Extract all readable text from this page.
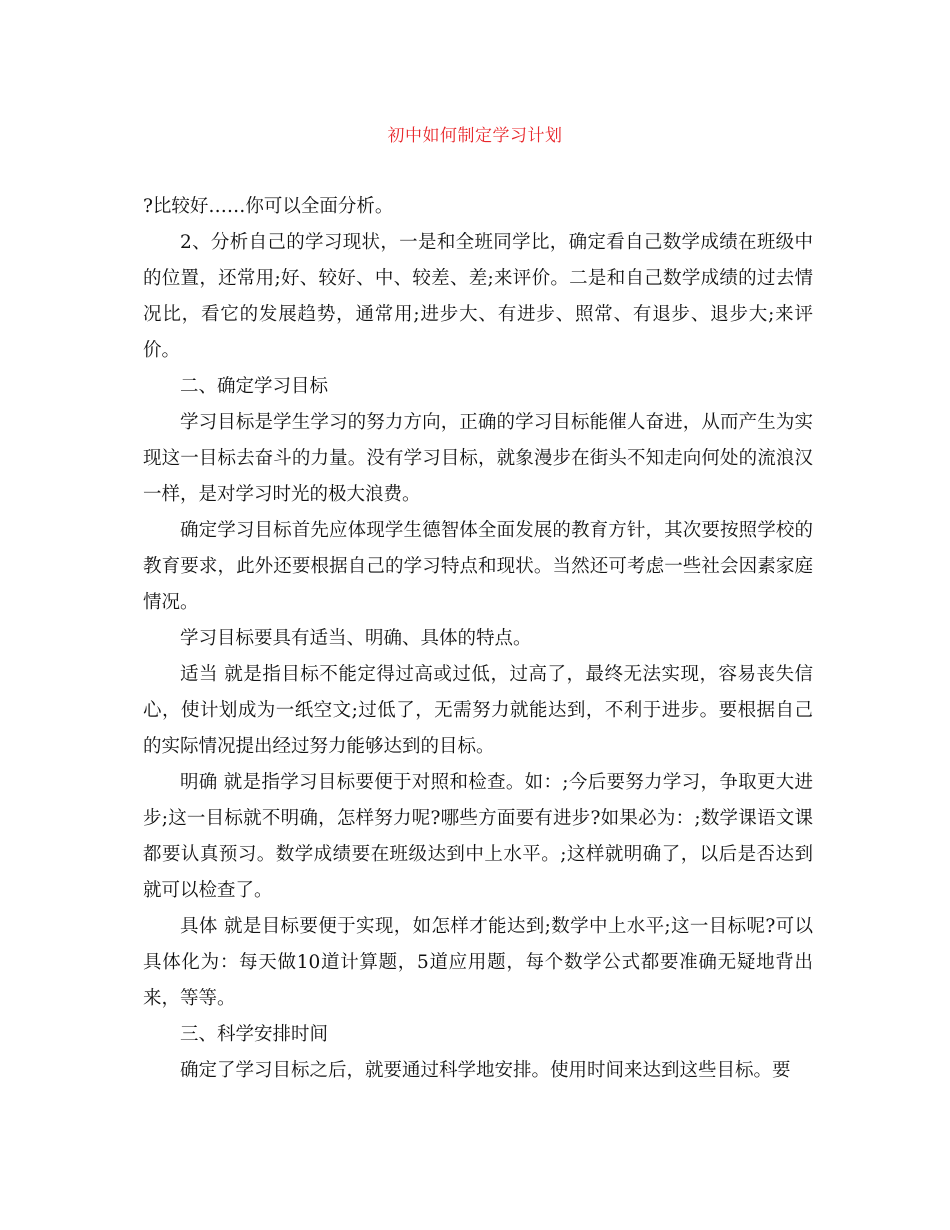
初中如何制定学习计划

?比较好……你可以全面分析。

2、分析自己的学习现状，一是和全班同学比，确定看自己数学成绩在班级中的位置，还常用;好、较好、中、较差、差;来评价。二是和自己数学成绩的过去情况比，看它的发展趋势，通常用;进步大、有进步、照常、有退步、退步大;来评价。

二、确定学习目标

学习目标是学生学习的努力方向，正确的学习目标能催人奋进，从而产生为实现这一目标去奋斗的力量。没有学习目标，就象漫步在街头不知走向何处的流浪汉一样，是对学习时光的极大浪费。

确定学习目标首先应体现学生德智体全面发展的教育方针，其次要按照学校的教育要求，此外还要根据自己的学习特点和现状。当然还可考虑一些社会因素家庭情况。

学习目标要具有适当、明确、具体的特点。

适当 就是指目标不能定得过高或过低，过高了，最终无法实现，容易丧失信心，使计划成为一纸空文;过低了，无需努力就能达到，不利于进步。要根据自己的实际情况提出经过努力能够达到的目标。

明确 就是指学习目标要便于对照和检查。如：;今后要努力学习，争取更大进步;这一目标就不明确，怎样努力呢?哪些方面要有进步?如果必为：;数学课语文课都要认真预习。数学成绩要在班级达到中上水平。;这样就明确了，以后是否达到就可以检查了。

具体 就是目标要便于实现，如怎样才能达到;数学中上水平;这一目标呢?可以具体化为：每天做10道计算题，5道应用题，每个数学公式都要准确无疑地背出来，等等。

三、科学安排时间

确定了学习目标之后，就要通过科学地安排。使用时间来达到这些目标。要
